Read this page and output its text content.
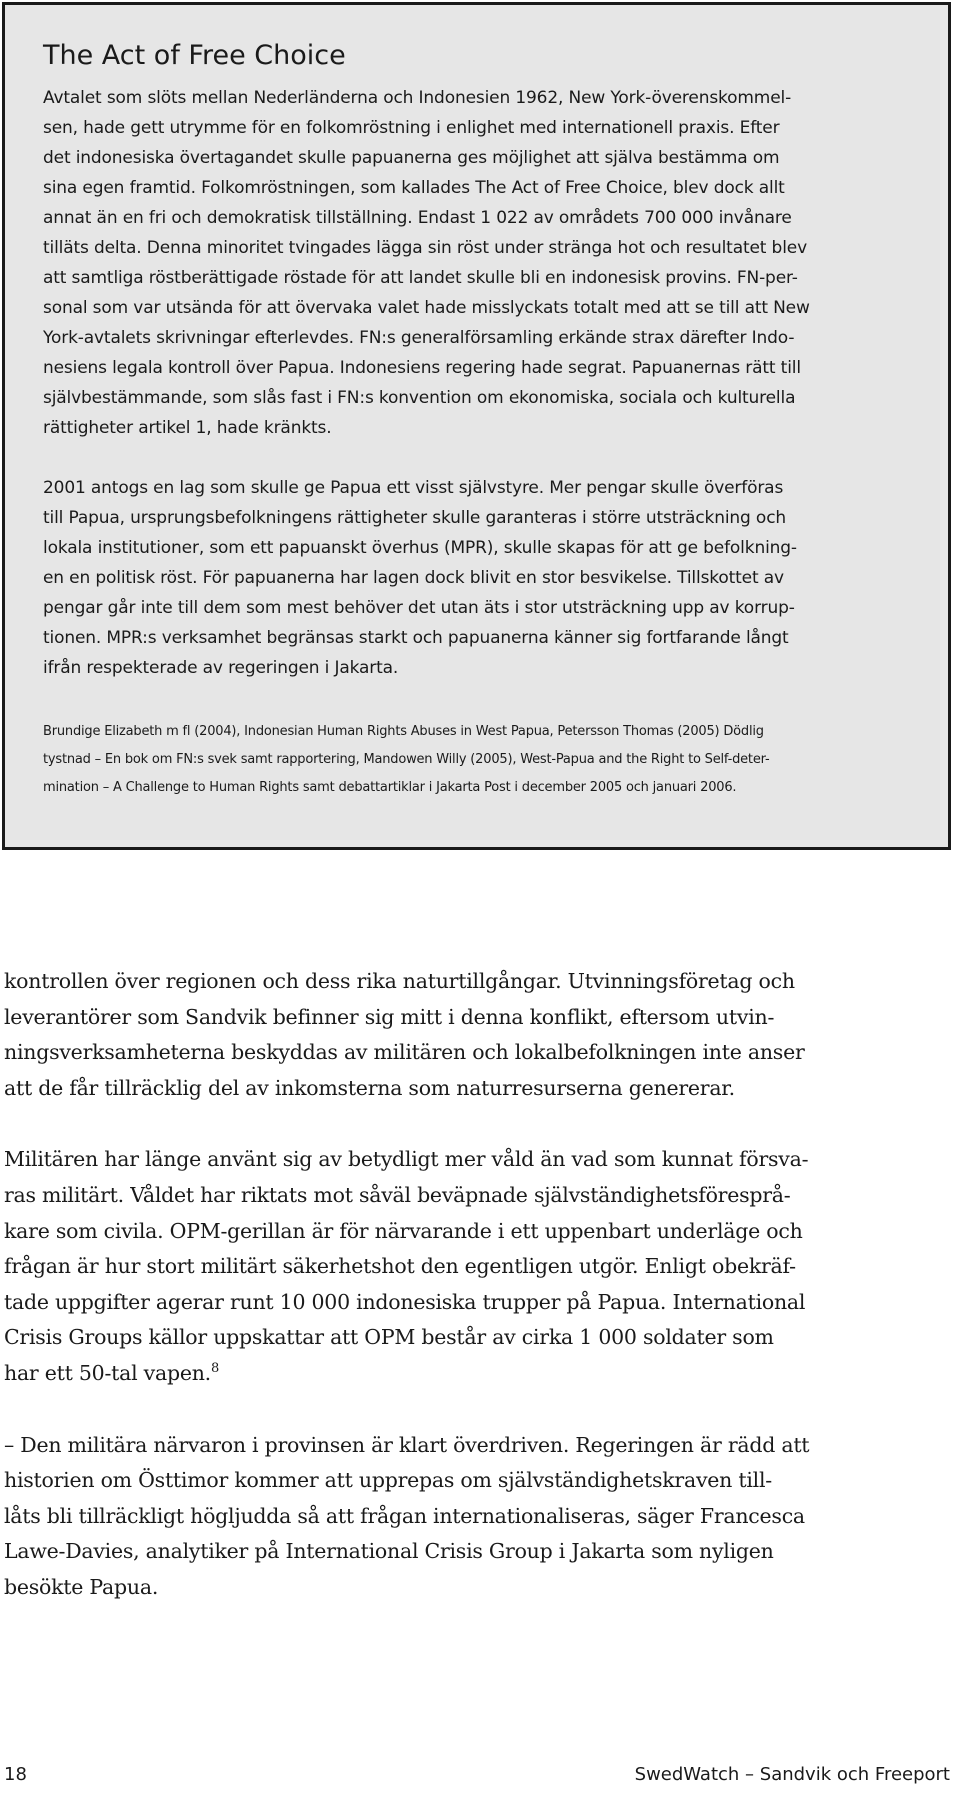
The Act of Free Choice

Avtalet som slöts mellan Nederländerna och Indonesien 1962, New York-överenskommel-
sen, hade gett utrymme för en folkomröstning i enlighet med internationell praxis. Efter
det indonesiska övertagandet skulle papuanerna ges möjlighet att själva bestämma om
sina egen framtid. Folkomröstningen, som kallades The Act of Free Choice, blev dock allt
annat än en fri och demokratisk tillställning. Endast 1 022 av områdets 700 000 invånare
tilläts delta. Denna minoritet tvingades lägga sin röst under stränga hot och resultatet blev
att samtliga röstberättigade röstade för att landet skulle bli en indonesisk provins. FN-per-
sonal som var utsända för att övervaka valet hade misslyckats totalt med att se till att New
York-avtalets skrivningar efterlevdes. FN:s generalförsamling erkände strax därefter Indo-
nesiens legala kontroll över Papua. Indonesiens regering hade segrat. Papuanernas rätt till
självbestämmande, som slås fast i FN:s konvention om ekonomiska, sociala och kulturella
rättigheter artikel 1, hade kränkts.

2001 antogs en lag som skulle ge Papua ett visst självstyre. Mer pengar skulle överföras
till Papua, ursprungsbefolkningens rättigheter skulle garanteras i större utsträckning och
lokala institutioner, som ett papuanskt överhus (MPR), skulle skapas för att ge befolkning-
en en politisk röst. För papuanerna har lagen dock blivit en stor besvikelse. Tillskottet av
pengar går inte till dem som mest behöver det utan äts i stor utsträckning upp av korrup-
tionen. MPR:s verksamhet begränsas starkt och papuanerna känner sig fortfarande långt
ifrån respekterade av regeringen i Jakarta.

Brundige Elizabeth m fl (2004), Indonesian Human Rights Abuses in West Papua, Petersson Thomas (2005) Dödlig
tystnad – En bok om FN:s svek samt rapportering, Mandowen Willy (2005), West-Papua and the Right to Self-deter-
mination – A Challenge to Human Rights samt debattartiklar i Jakarta Post i december 2005 och januari 2006.

kontrollen över regionen och dess rika naturtillgångar. Utvinningsföretag och
leverantörer som Sandvik befinner sig mitt i denna konflikt, eftersom utvin-
ningsverksamheterna beskyddas av militären och lokalbefolkningen inte anser
att de får tillräcklig del av inkomsterna som naturresurserna genererar.

Militären har länge använt sig av betydligt mer våld än vad som kunnat försva-
ras militärt. Våldet har riktats mot såväl beväpnade självständighetsföresprå-
kare som civila. OPM-gerillan är för närvarande i ett uppenbart underläge och
frågan är hur stort militärt säkerhetshot den egentligen utgör. Enligt obekräf-
tade uppgifter agerar runt 10 000 indonesiska trupper på Papua. International
Crisis Groups källor uppskattar att OPM består av cirka 1 000 soldater som
har ett 50-tal vapen.$^8$

– Den militära närvaron i provinsen är klart överdriven. Regeringen är rädd att
historien om Östtimor kommer att upprepas om självständighetskraven till-
låts bli tillräckligt högljudda så att frågan internationaliseras, säger Francesca
Lawe-Davies, analytiker på International Crisis Group i Jakarta som nyligen
besökte Papua.

18	SwedWatch – Sandvik och Freeport
